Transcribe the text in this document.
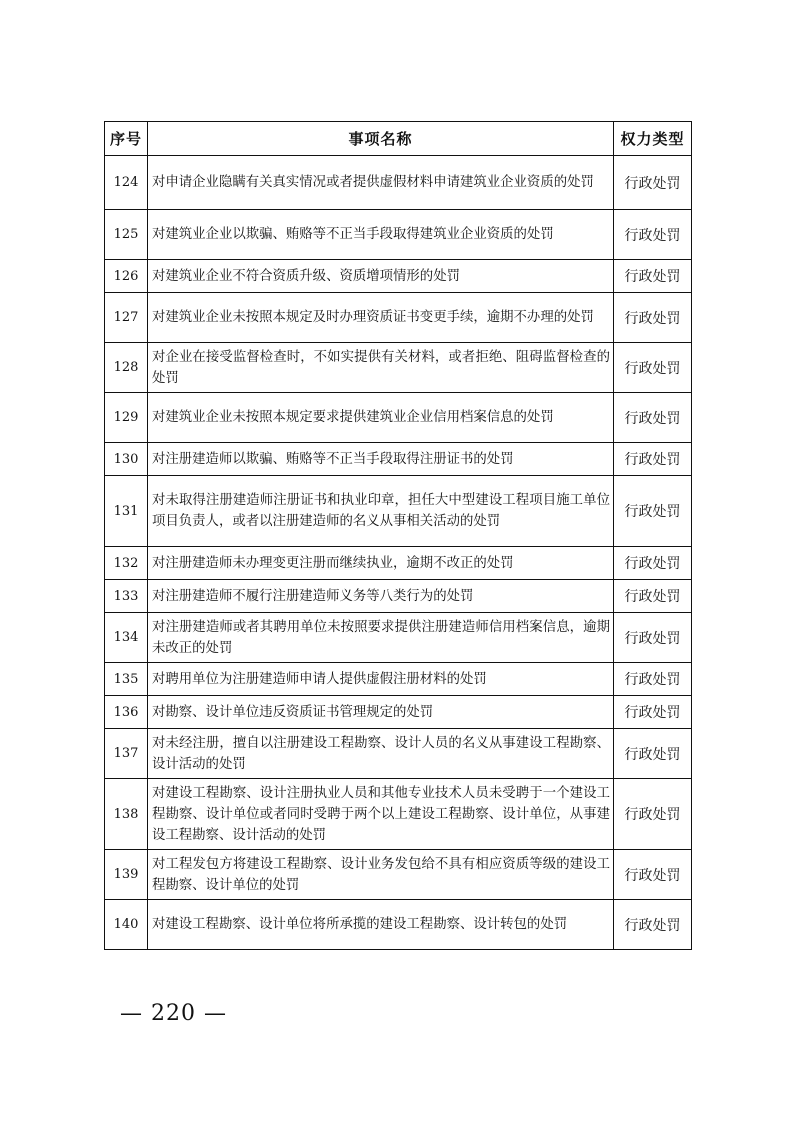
序号	事项名称	权力类型
124	对申请企业隐瞒有关真实情况或者提供虚假材料申请建筑业企业资质的处罚	行政处罚
125	对建筑业企业以欺骗、贿赂等不正当手段取得建筑业企业资质的处罚	行政处罚
126	对建筑业企业不符合资质升级、资质增项情形的处罚	行政处罚
127	对建筑业企业未按照本规定及时办理资质证书变更手续，逾期不办理的处罚	行政处罚
128	对企业在接受监督检查时，不如实提供有关材料，或者拒绝、阻碍监督检查的处罚	行政处罚
129	对建筑业企业未按照本规定要求提供建筑业企业信用档案信息的处罚	行政处罚
130	对注册建造师以欺骗、贿赂等不正当手段取得注册证书的处罚	行政处罚
131	对未取得注册建造师注册证书和执业印章，担任大中型建设工程项目施工单位项目负责人，或者以注册建造师的名义从事相关活动的处罚	行政处罚
132	对注册建造师未办理变更注册而继续执业，逾期不改正的处罚	行政处罚
133	对注册建造师不履行注册建造师义务等八类行为的处罚	行政处罚
134	对注册建造师或者其聘用单位未按照要求提供注册建造师信用档案信息，逾期未改正的处罚	行政处罚
135	对聘用单位为注册建造师申请人提供虚假注册材料的处罚	行政处罚
136	对勘察、设计单位违反资质证书管理规定的处罚	行政处罚
137	对未经注册，擅自以注册建设工程勘察、设计人员的名义从事建设工程勘察、设计活动的处罚	行政处罚
138	对建设工程勘察、设计注册执业人员和其他专业技术人员未受聘于一个建设工程勘察、设计单位或者同时受聘于两个以上建设工程勘察、设计单位，从事建设工程勘察、设计活动的处罚	行政处罚
139	对工程发包方将建设工程勘察、设计业务发包给不具有相应资质等级的建设工程勘察、设计单位的处罚	行政处罚
140	对建设工程勘察、设计单位将所承揽的建设工程勘察、设计转包的处罚	行政处罚
— 220 —
